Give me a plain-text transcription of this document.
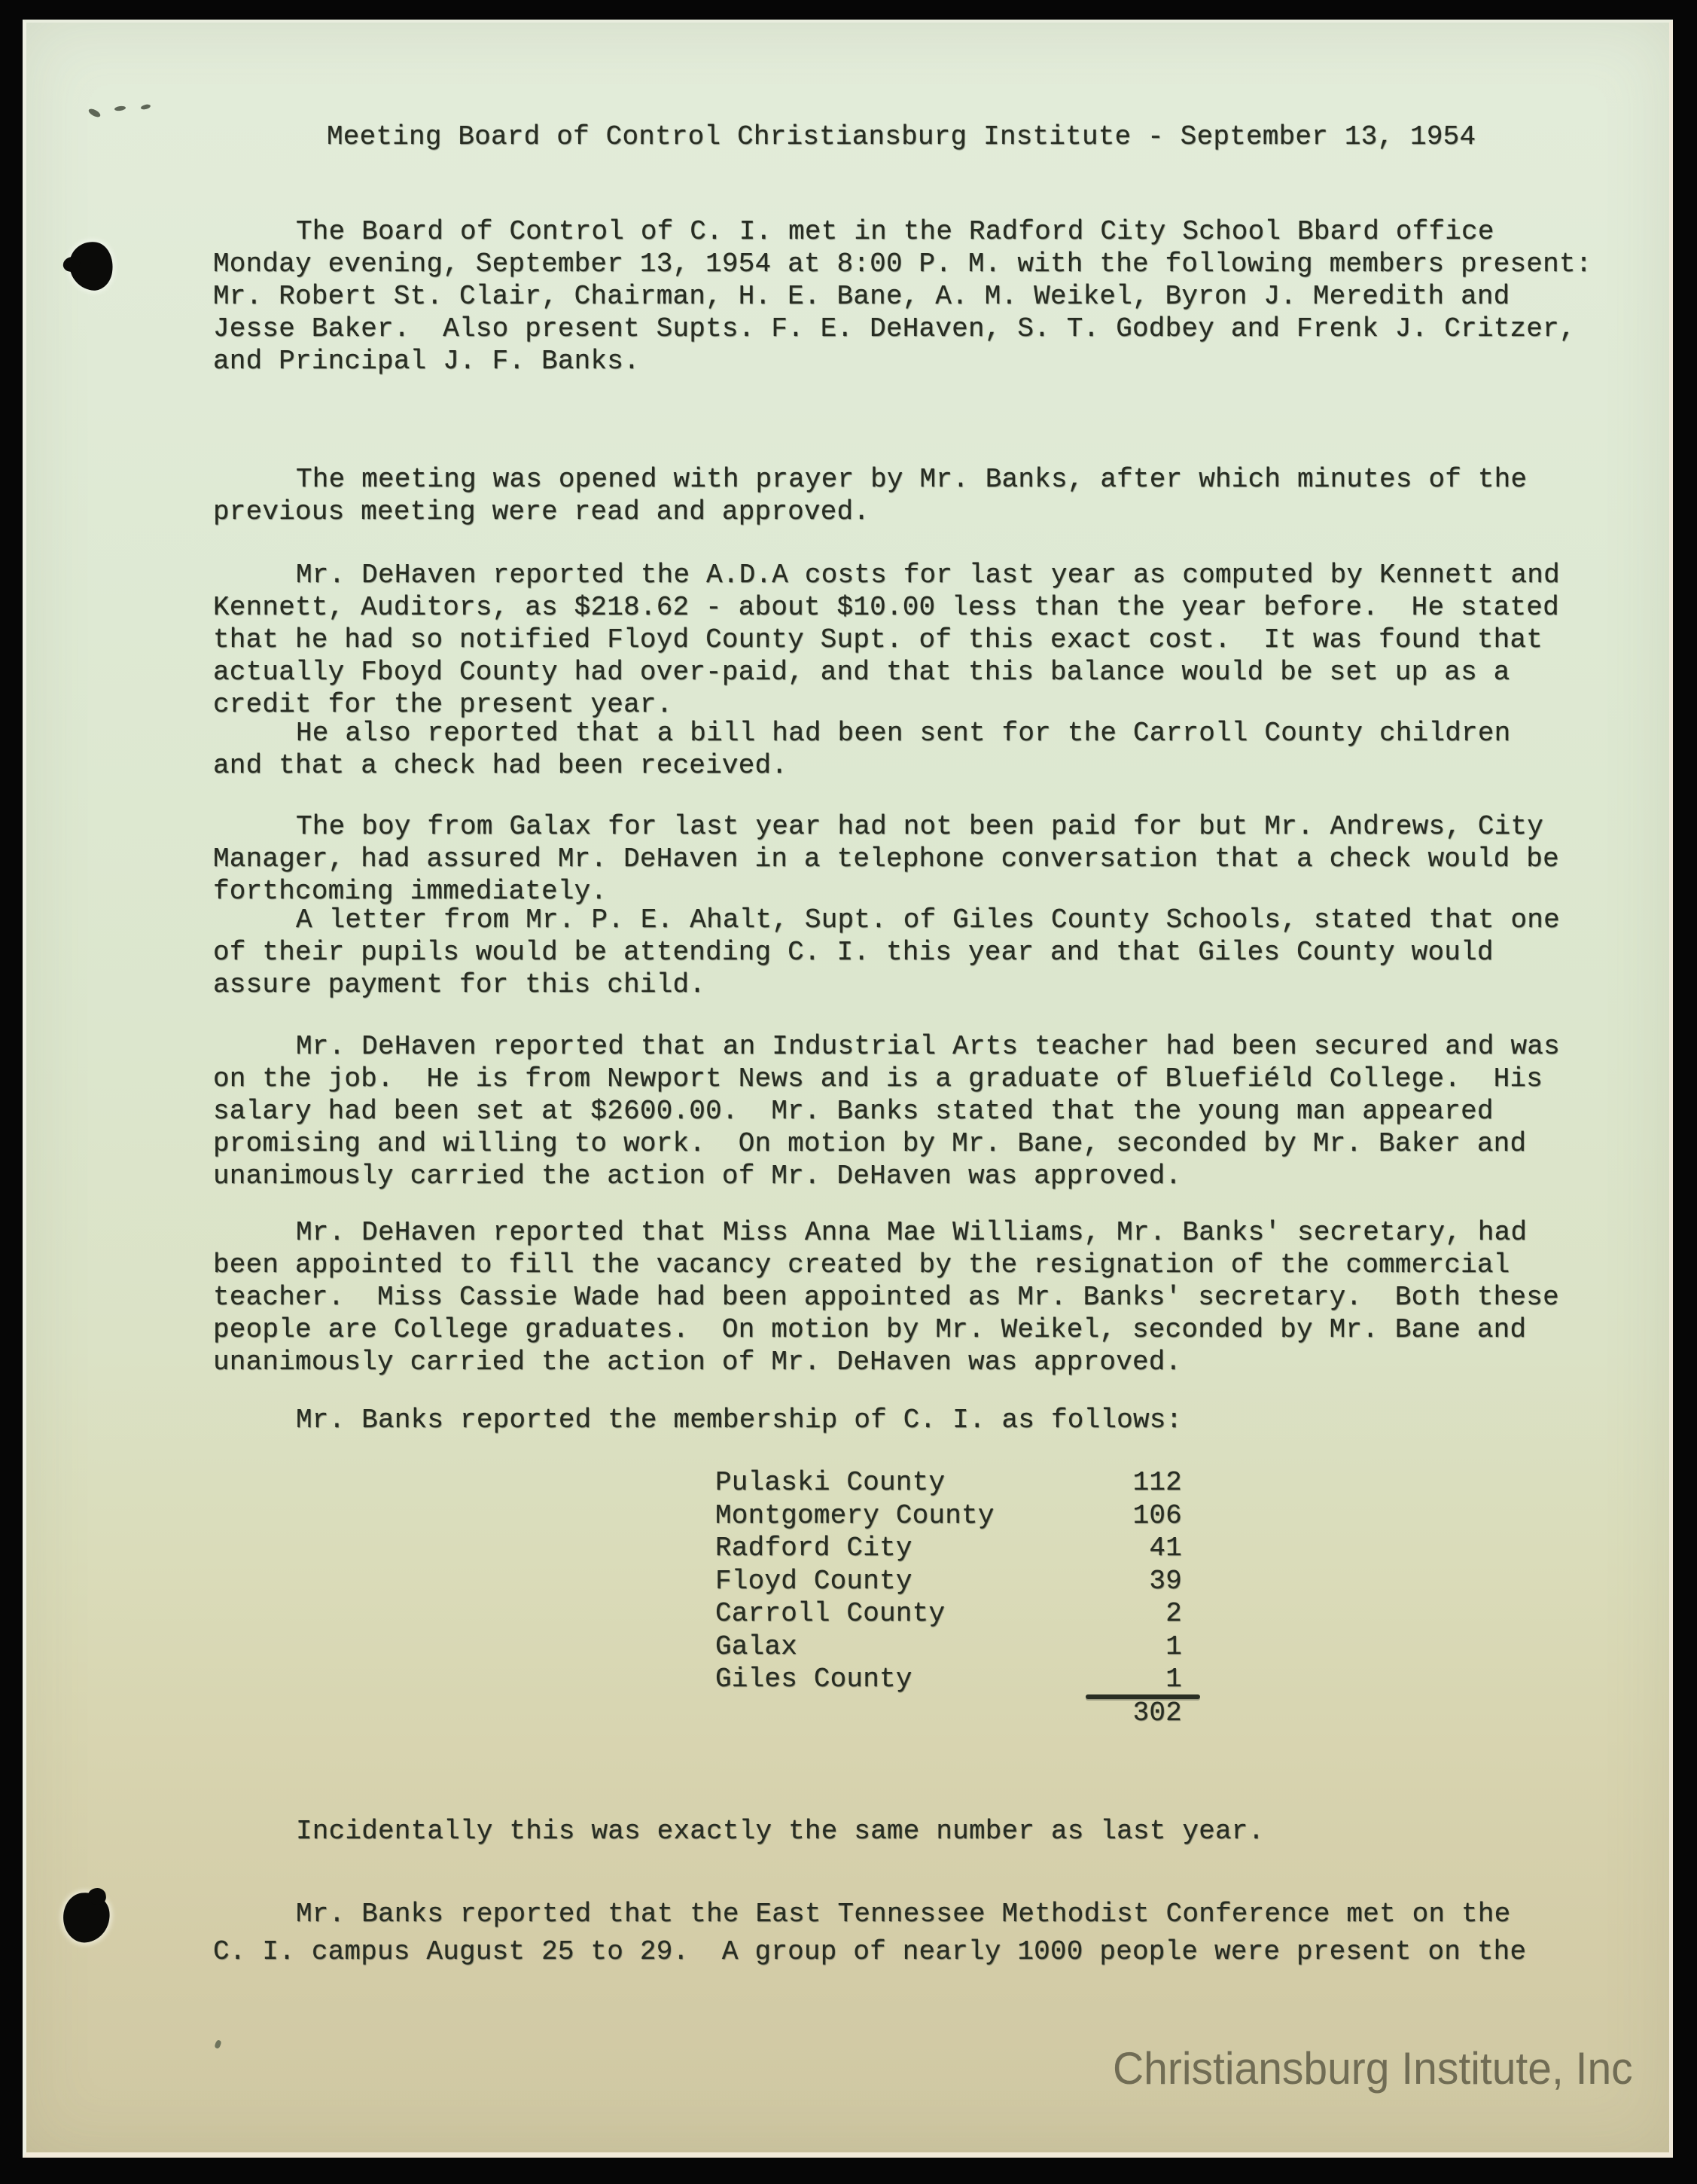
Meeting Board of Control Christiansburg Institute - September 13, 1954
The Board of Control of C. I. met in the Radford City School Bbard office
Monday evening, September 13, 1954 at 8:00 P. M. with the following members present:
Mr. Robert St. Clair, Chairman, H. E. Bane, A. M. Weikel, Byron J. Meredith and
Jesse Baker.  Also present Supts. F. E. DeHaven, S. T. Godbey and Frenk J. Critzer,
and Principal J. F. Banks.
The meeting was opened with prayer by Mr. Banks, after which minutes of the
previous meeting were read and approved.
Mr. DeHaven reported the A.D.A costs for last year as computed by Kennett and
Kennett, Auditors, as $218.62 - about $10.00 less than the year before.  He stated
that he had so notified Floyd County Supt. of this exact cost.  It was found that
actually Fboyd County had over-paid, and that this balance would be set up as a
credit for the present year.
He also reported that a bill had been sent for the Carroll County children
and that a check had been received.
The boy from Galax for last year had not been paid for but Mr. Andrews, City
Manager, had assured Mr. DeHaven in a telephone conversation that a check would be
forthcoming immediately.
A letter from Mr. P. E. Ahalt, Supt. of Giles County Schools, stated that one
of their pupils would be attending C. I. this year and that Giles County would
assure payment for this child.
Mr. DeHaven reported that an Industrial Arts teacher had been secured and was
on the job.  He is from Newport News and is a graduate of Bluefiéld College.  His
salary had been set at $2600.00.  Mr. Banks stated that the young man appeared
promising and willing to work.  On motion by Mr. Bane, seconded by Mr. Baker and
unanimously carried the action of Mr. DeHaven was approved.
Mr. DeHaven reported that Miss Anna Mae Williams, Mr. Banks' secretary, had
been appointed to fill the vacancy created by the resignation of the commercial
teacher.  Miss Cassie Wade had been appointed as Mr. Banks' secretary.  Both these
people are College graduates.  On motion by Mr. Weikel, seconded by Mr. Bane and
unanimously carried the action of Mr. DeHaven was approved.
Mr. Banks reported the membership of C. I. as follows:
Incidentally this was exactly the same number as last year.
Mr. Banks reported that the East Tennessee Methodist Conference met on the
C. I. campus August 25 to 29.  A group of nearly 1000 people were present on the
Pulaski County	112
Montgomery County	106
Radford City	41
Floyd County	39
Carroll County	2
Galax	1
Giles County	1
302
Christiansburg Institute, Inc
